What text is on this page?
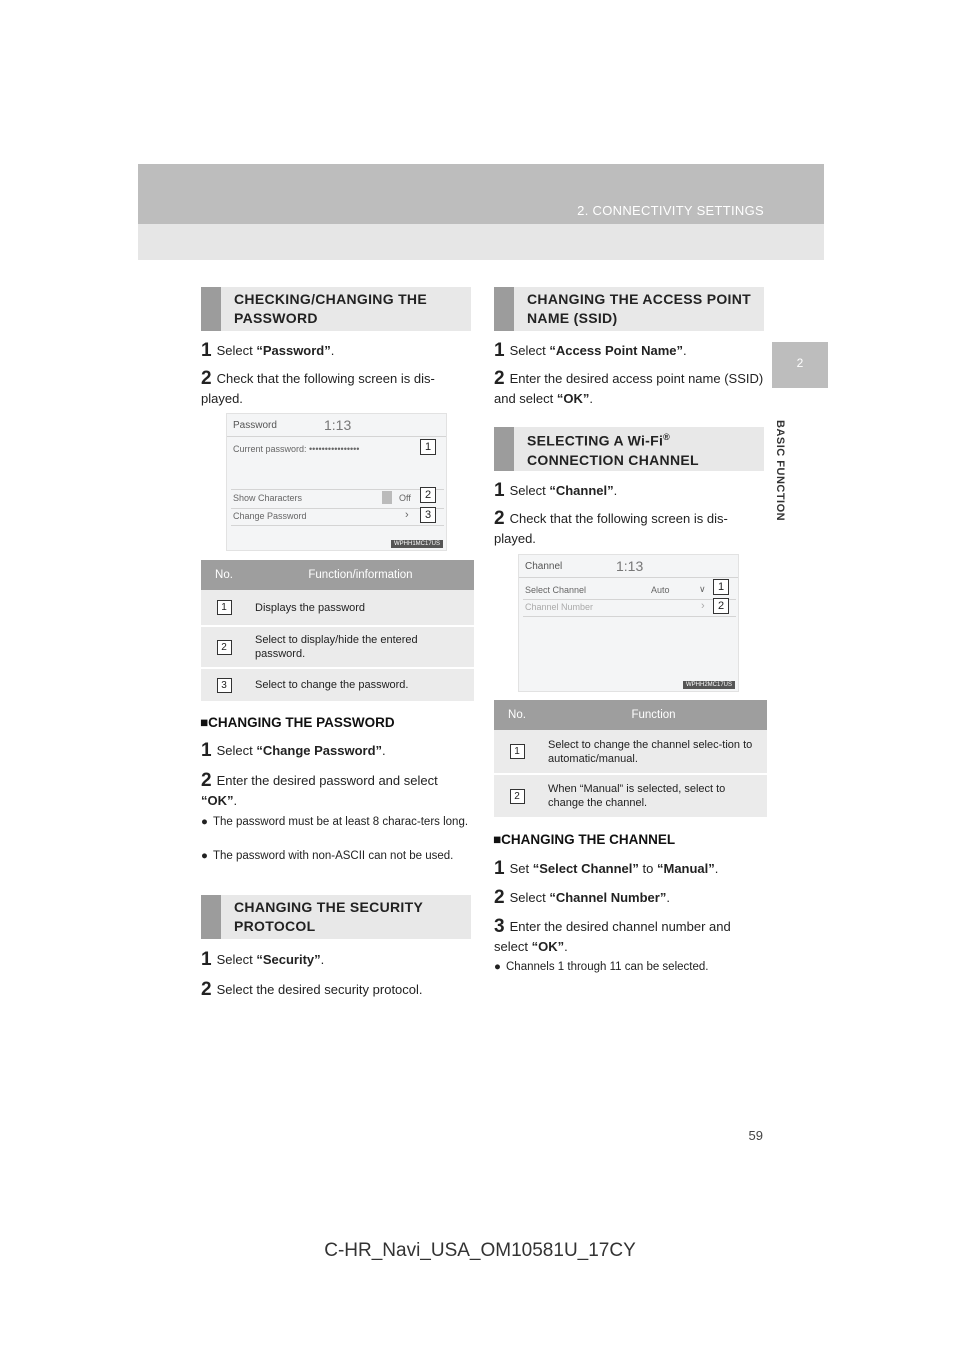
2. CONNECTIVITY SETTINGS
2
BASIC FUNCTION
59
C-HR_Navi_USA_OM10581U_17CY
CHECKING/CHANGING THE PASSWORD
1 Select “Password”.
2 Check that the following screen is dis-played.
Password	1:13
Current password: ••••••••••••••••
Show Characters	Off
Change Password	›
WPHH1MC17US
1
2
3
No.	Function/information
1	Displays the password
2	Select to display/hide the entered password.
3	Select to change the password.
■CHANGING THE PASSWORD
1 Select “Change Password”.
2 Enter the desired password and select “OK”.
● The password must be at least 8 charac-ters long.
● The password with non-ASCII can not be used.
CHANGING THE SECURITY PROTOCOL
1 Select “Security”.
2 Select the desired security protocol.
CHANGING THE ACCESS POINT NAME (SSID)
1 Select “Access Point Name”.
2 Enter the desired access point name (SSID) and select “OK”.
SELECTING A Wi-Fi®
CONNECTION CHANNEL
1 Select “Channel”.
2 Check that the following screen is dis-played.
Channel	1:13
Select Channel	Auto	∨
Channel Number	›
WPHH2MC17US
1
2
No.	Function
1	Select to change the channel selec-tion to automatic/manual.
2	When “Manual” is selected, select to change the channel.
■CHANGING THE CHANNEL
1 Set “Select Channel” to “Manual”.
2 Select “Channel Number”.
3 Enter the desired channel number and select “OK”.
● Channels 1 through 11 can be selected.
